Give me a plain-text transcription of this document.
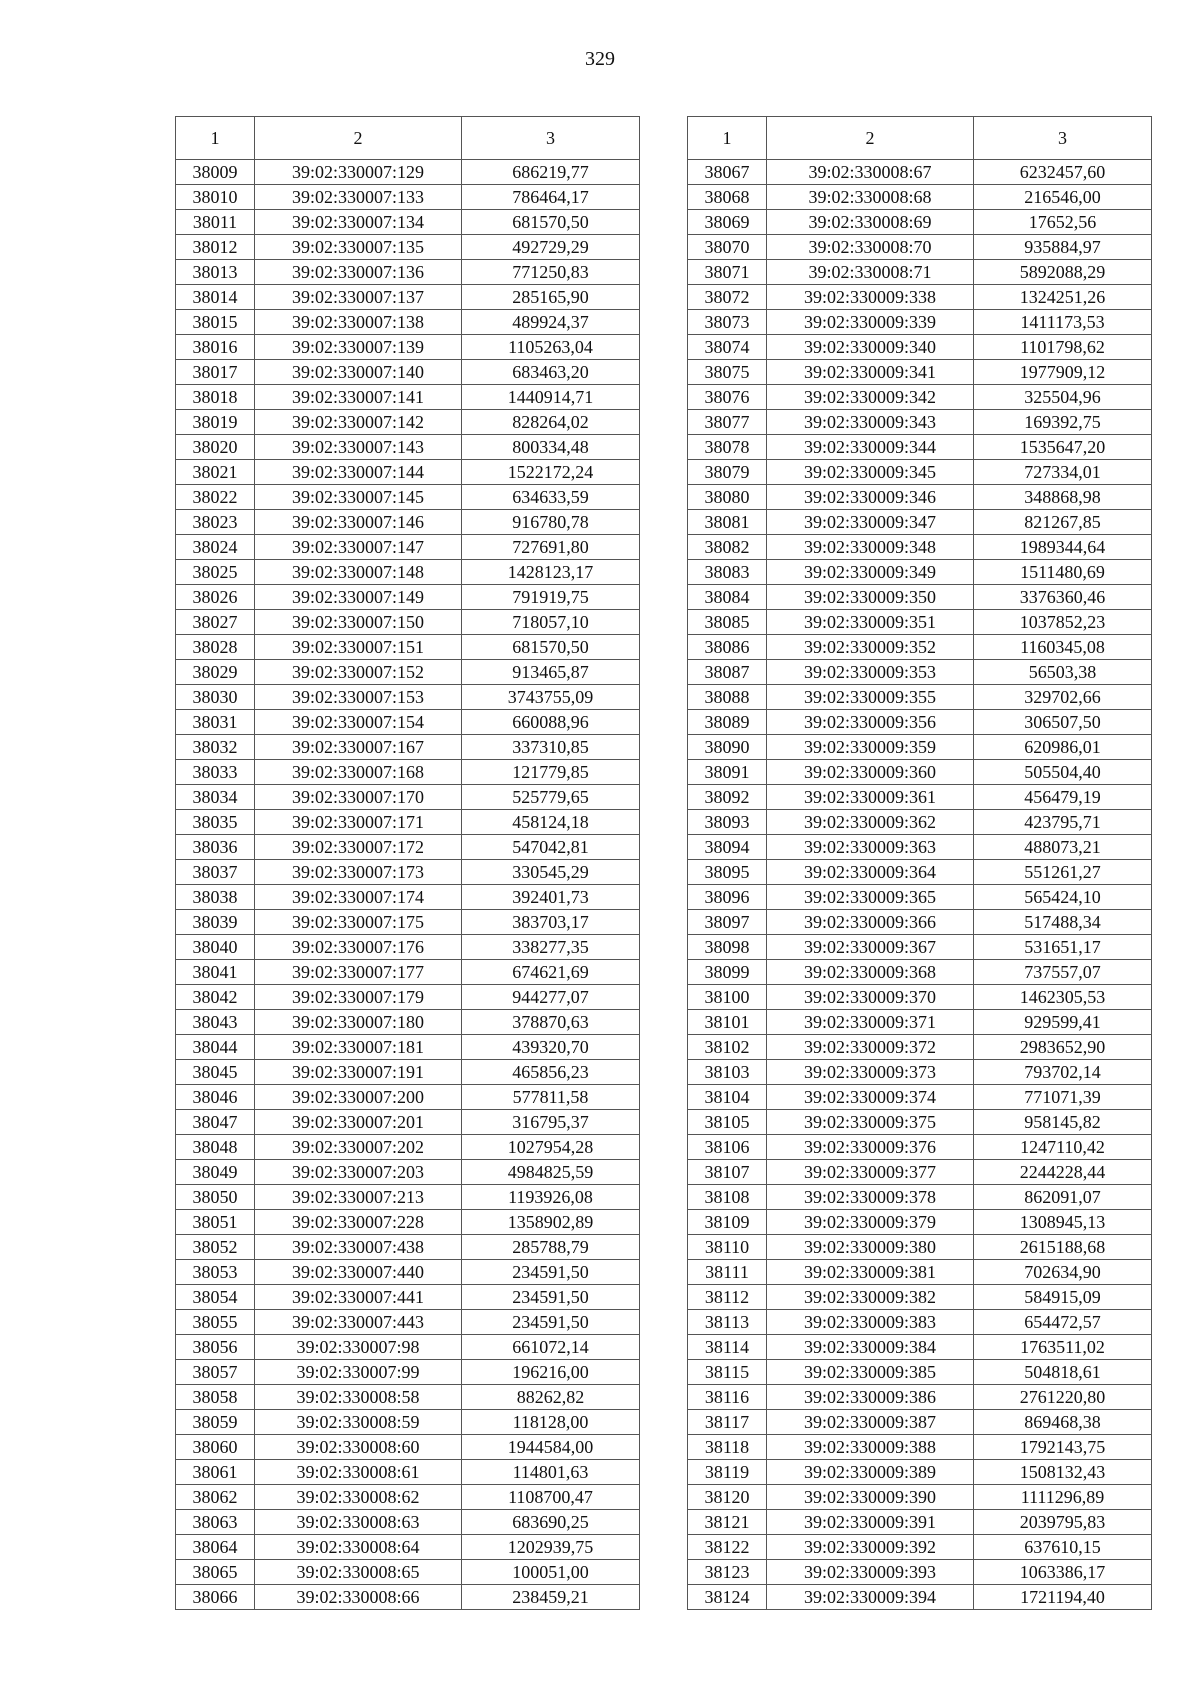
329
1	2	3
38009	39:02:330007:129	686219,77
38010	39:02:330007:133	786464,17
38011	39:02:330007:134	681570,50
38012	39:02:330007:135	492729,29
38013	39:02:330007:136	771250,83
38014	39:02:330007:137	285165,90
38015	39:02:330007:138	489924,37
38016	39:02:330007:139	1105263,04
38017	39:02:330007:140	683463,20
38018	39:02:330007:141	1440914,71
38019	39:02:330007:142	828264,02
38020	39:02:330007:143	800334,48
38021	39:02:330007:144	1522172,24
38022	39:02:330007:145	634633,59
38023	39:02:330007:146	916780,78
38024	39:02:330007:147	727691,80
38025	39:02:330007:148	1428123,17
38026	39:02:330007:149	791919,75
38027	39:02:330007:150	718057,10
38028	39:02:330007:151	681570,50
38029	39:02:330007:152	913465,87
38030	39:02:330007:153	3743755,09
38031	39:02:330007:154	660088,96
38032	39:02:330007:167	337310,85
38033	39:02:330007:168	121779,85
38034	39:02:330007:170	525779,65
38035	39:02:330007:171	458124,18
38036	39:02:330007:172	547042,81
38037	39:02:330007:173	330545,29
38038	39:02:330007:174	392401,73
38039	39:02:330007:175	383703,17
38040	39:02:330007:176	338277,35
38041	39:02:330007:177	674621,69
38042	39:02:330007:179	944277,07
38043	39:02:330007:180	378870,63
38044	39:02:330007:181	439320,70
38045	39:02:330007:191	465856,23
38046	39:02:330007:200	577811,58
38047	39:02:330007:201	316795,37
38048	39:02:330007:202	1027954,28
38049	39:02:330007:203	4984825,59
38050	39:02:330007:213	1193926,08
38051	39:02:330007:228	1358902,89
38052	39:02:330007:438	285788,79
38053	39:02:330007:440	234591,50
38054	39:02:330007:441	234591,50
38055	39:02:330007:443	234591,50
38056	39:02:330007:98	661072,14
38057	39:02:330007:99	196216,00
38058	39:02:330008:58	88262,82
38059	39:02:330008:59	118128,00
38060	39:02:330008:60	1944584,00
38061	39:02:330008:61	114801,63
38062	39:02:330008:62	1108700,47
38063	39:02:330008:63	683690,25
38064	39:02:330008:64	1202939,75
38065	39:02:330008:65	100051,00
38066	39:02:330008:66	238459,21
1	2	3
38067	39:02:330008:67	6232457,60
38068	39:02:330008:68	216546,00
38069	39:02:330008:69	17652,56
38070	39:02:330008:70	935884,97
38071	39:02:330008:71	5892088,29
38072	39:02:330009:338	1324251,26
38073	39:02:330009:339	1411173,53
38074	39:02:330009:340	1101798,62
38075	39:02:330009:341	1977909,12
38076	39:02:330009:342	325504,96
38077	39:02:330009:343	169392,75
38078	39:02:330009:344	1535647,20
38079	39:02:330009:345	727334,01
38080	39:02:330009:346	348868,98
38081	39:02:330009:347	821267,85
38082	39:02:330009:348	1989344,64
38083	39:02:330009:349	1511480,69
38084	39:02:330009:350	3376360,46
38085	39:02:330009:351	1037852,23
38086	39:02:330009:352	1160345,08
38087	39:02:330009:353	56503,38
38088	39:02:330009:355	329702,66
38089	39:02:330009:356	306507,50
38090	39:02:330009:359	620986,01
38091	39:02:330009:360	505504,40
38092	39:02:330009:361	456479,19
38093	39:02:330009:362	423795,71
38094	39:02:330009:363	488073,21
38095	39:02:330009:364	551261,27
38096	39:02:330009:365	565424,10
38097	39:02:330009:366	517488,34
38098	39:02:330009:367	531651,17
38099	39:02:330009:368	737557,07
38100	39:02:330009:370	1462305,53
38101	39:02:330009:371	929599,41
38102	39:02:330009:372	2983652,90
38103	39:02:330009:373	793702,14
38104	39:02:330009:374	771071,39
38105	39:02:330009:375	958145,82
38106	39:02:330009:376	1247110,42
38107	39:02:330009:377	2244228,44
38108	39:02:330009:378	862091,07
38109	39:02:330009:379	1308945,13
38110	39:02:330009:380	2615188,68
38111	39:02:330009:381	702634,90
38112	39:02:330009:382	584915,09
38113	39:02:330009:383	654472,57
38114	39:02:330009:384	1763511,02
38115	39:02:330009:385	504818,61
38116	39:02:330009:386	2761220,80
38117	39:02:330009:387	869468,38
38118	39:02:330009:388	1792143,75
38119	39:02:330009:389	1508132,43
38120	39:02:330009:390	1111296,89
38121	39:02:330009:391	2039795,83
38122	39:02:330009:392	637610,15
38123	39:02:330009:393	1063386,17
38124	39:02:330009:394	1721194,40
